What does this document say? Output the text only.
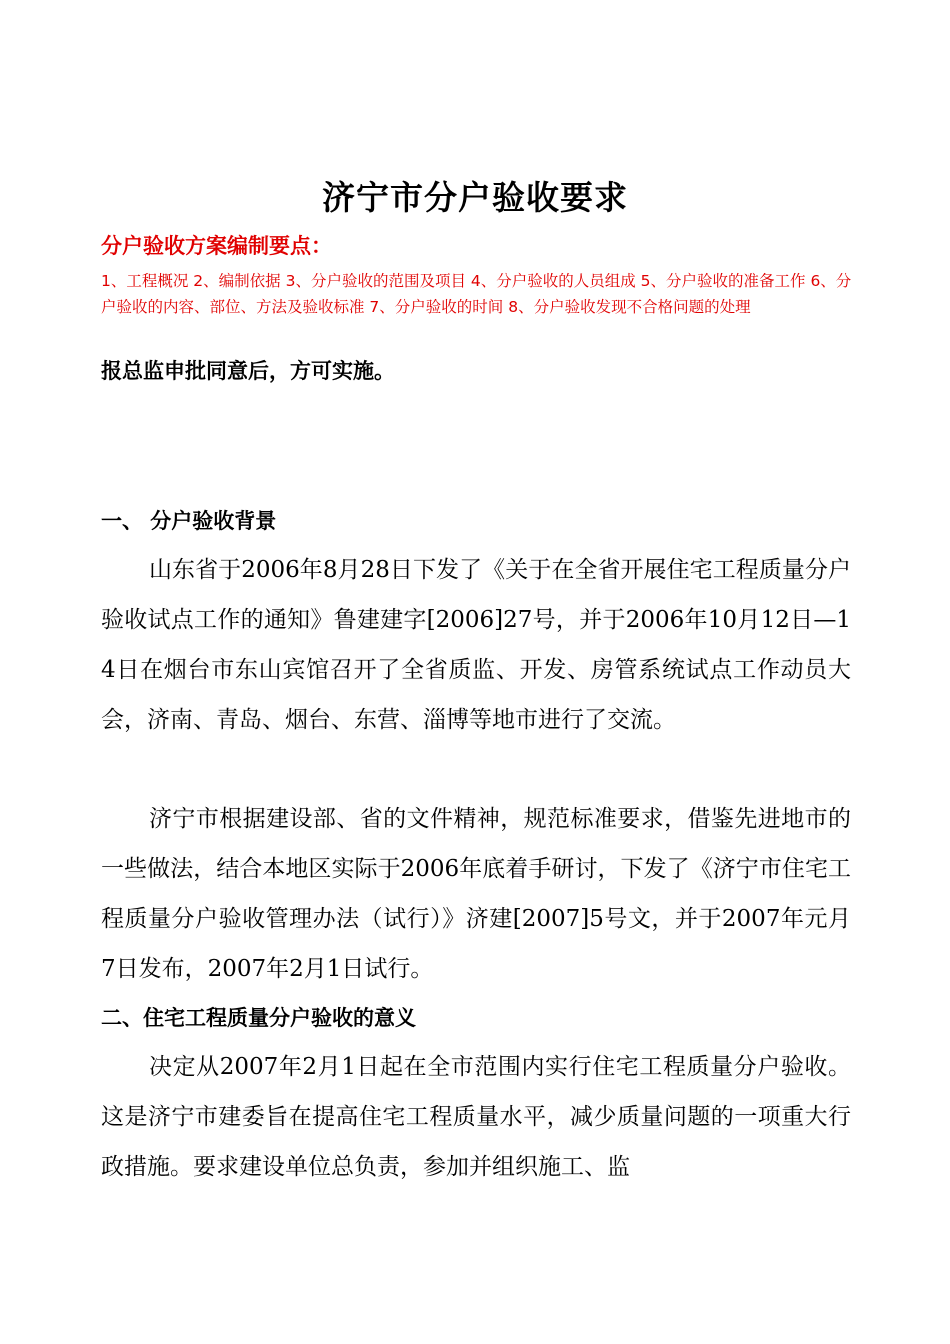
济宁市分户验收要求
分户验收方案编制要点：
1、工程概况 2、编制依据 3、分户验收的范围及项目 4、分户验收的人员组成 5、分户验收的准备工作 6、分户验收的内容、部位、方法及验收标准 7、分户验收的时间 8、分户验收发现不合格问题的处理
报总监申批同意后，方可实施。
一、 分户验收背景
山东省于2006年8月28日下发了《关于在全省开展住宅工程质量分户验收试点工作的通知》鲁建建字[2006]27号，并于2006年10月12日—14日在烟台市东山宾馆召开了全省质监、开发、房管系统试点工作动员大会，济南、青岛、烟台、东营、淄博等地市进行了交流。
济宁市根据建设部、省的文件精神，规范标准要求，借鉴先进地市的一些做法，结合本地区实际于2006年底着手研讨，下发了《济宁市住宅工程质量分户验收管理办法（试行）》济建[2007]5号文，并于2007年元月7日发布，2007年2月1日试行。
二、住宅工程质量分户验收的意义
决定从2007年2月1日起在全市范围内实行住宅工程质量分户验收。这是济宁市建委旨在提高住宅工程质量水平，减少质量问题的一项重大行政措施。要求建设单位总负责，参加并组织施工、监
